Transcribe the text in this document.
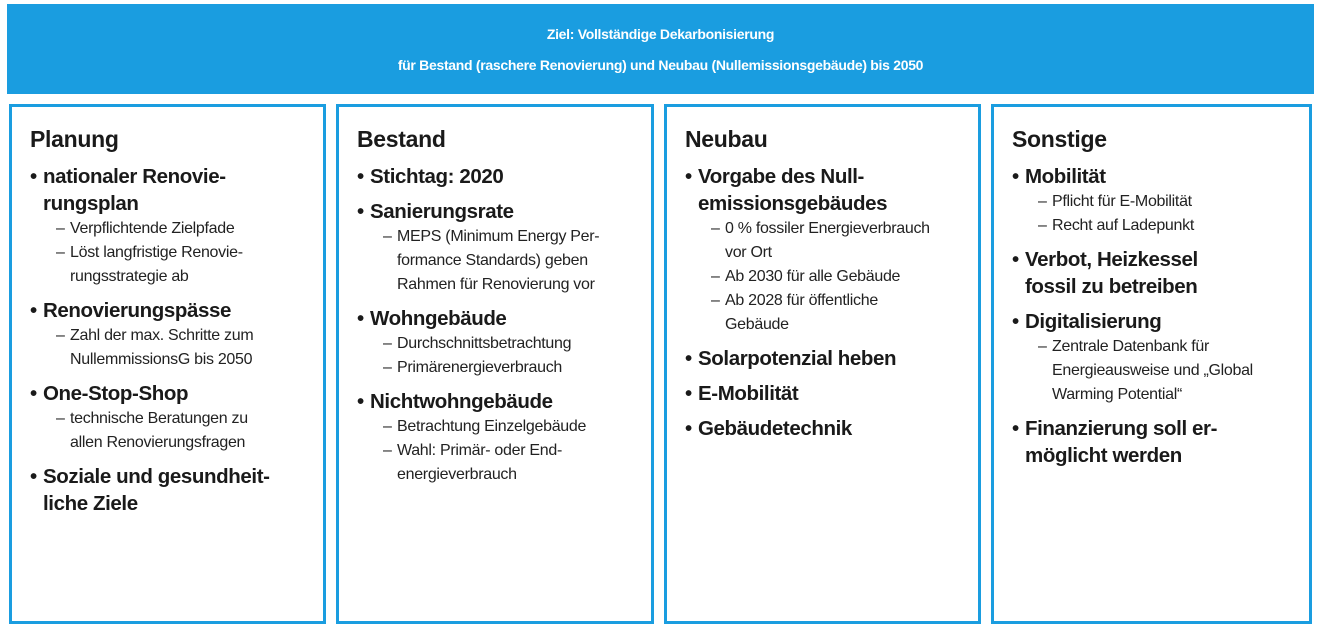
Ziel: Vollständige Dekarbonisierung
für Bestand (raschere Renovierung) und Neubau (Nullemissionsgebäude) bis 2050
Planung
• nationaler Renovie-
rungsplan
– Verpflichtende Zielpfade
– Löst langfristige Renovie-
rungsstrategie ab
• Renovierungspässe
– Zahl der max. Schritte zum
NullemmissionsG bis 2050
• One-Stop-Shop
– technische Beratungen zu
allen Renovierungsfragen
• Soziale und gesundheit-
liche Ziele
Bestand
• Stichtag: 2020
• Sanierungsrate
– MEPS (Minimum Energy Per-
formance Standards) geben
Rahmen für Renovierung vor
• Wohngebäude
– Durchschnittsbetrachtung
– Primärenergieverbrauch
• Nichtwohngebäude
– Betrachtung Einzelgebäude
– Wahl: Primär- oder End-
energieverbrauch
Neubau
• Vorgabe des Null-
emissionsgebäudes
– 0 % fossiler Energieverbrauch
vor Ort
– Ab 2030 für alle Gebäude
– Ab 2028 für öffentliche
Gebäude
• Solarpotenzial heben
• E-Mobilität
• Gebäudetechnik
Sonstige
• Mobilität
– Pflicht für E-Mobilität
– Recht auf Ladepunkt
• Verbot, Heizkessel
fossil zu betreiben
• Digitalisierung
– Zentrale Datenbank für
Energieausweise und „Global
Warming Potential“
• Finanzierung soll er-
möglicht werden
